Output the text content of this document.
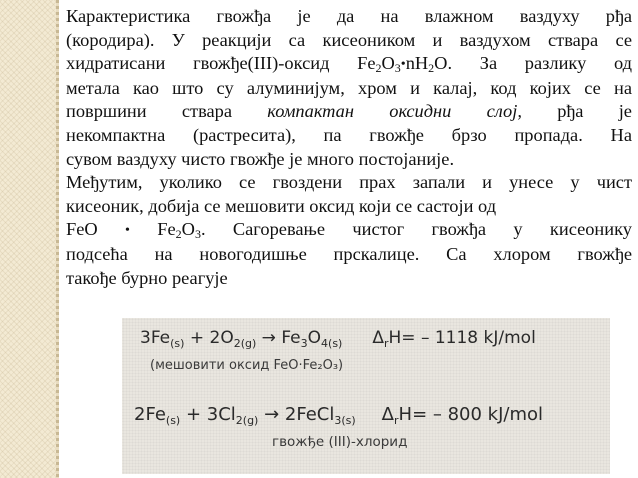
Карактеристика гвожђа је да на влажном ваздуху рђа
(кородира). У реакцији са кисеоником и ваздухом ствара се
хидратисани гвожђе(III)-оксид $Fe_2O_3•nH_2O$. За разлику од
метала као што су алуминијум, хром и калај, код којих се на
површини ствара компактан оксидни слој, рђа је
некомпактна (растресита), па гвожђе брзо пропада. На
сувом ваздуху чисто гвожђе је много постојаније.
Међутим, уколико се гвоздени прах запали и унесе у чист
кисеоник, добија се мешовити оксид који се састоји од
FeO • $Fe_2O_3$. Сагоревање чистог гвожђа у кисеонику
подсећа на новогодишње прскалице. Са хлором гвожђе
такође бурно реагује
$3Fe_{(s)} + 2O_{2(g)} \to Fe_3O_{4(s)}$ $\Delta_rH= - 1118$ kJ/mol
(мешовити оксид FeO·Fe₂O₃)
$2Fe_{(s)} + 3Cl_{2(g)}$ → 2FeCl$_{3(s)}$ $\Delta_rH= - 800$ kJ/mol
гвожђе (III)-хлорид
